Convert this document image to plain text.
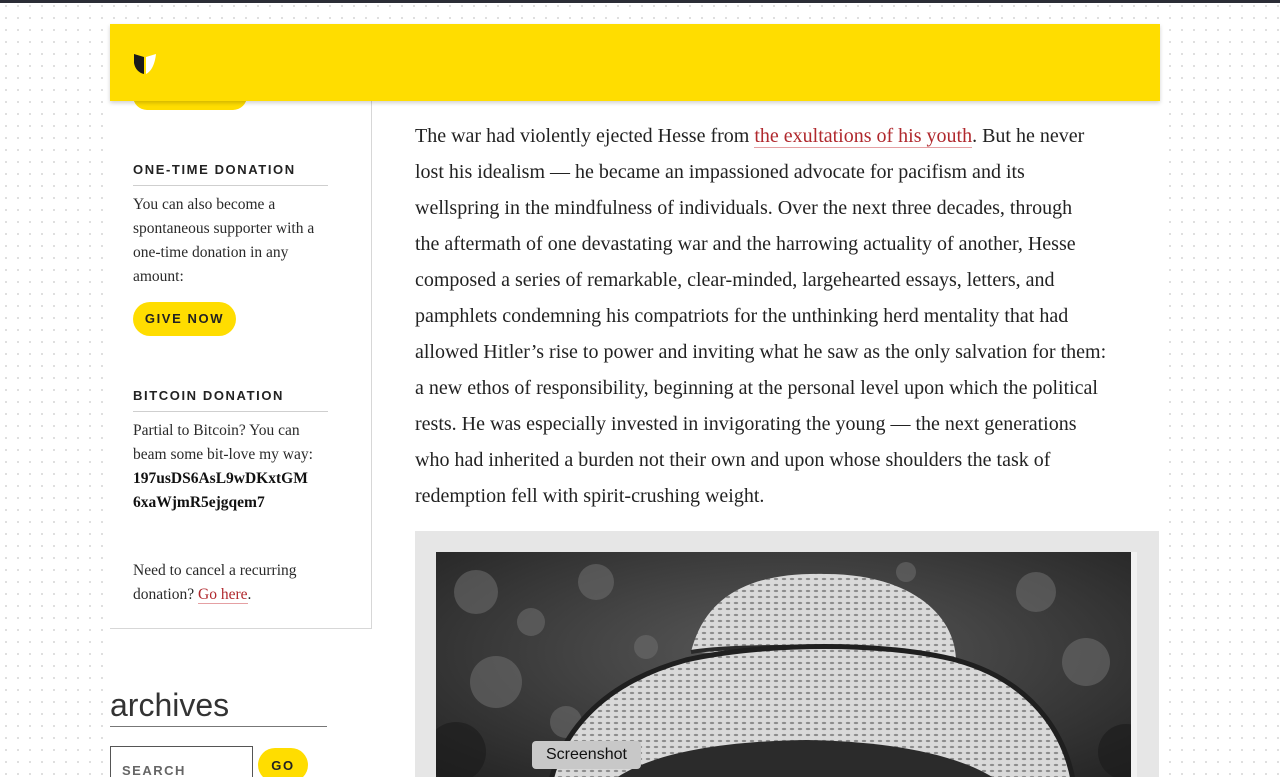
ONE-TIME DONATION
You can also become a spontaneous supporter with a one-time donation in any amount:
GIVE NOW
BITCOIN DONATION
Partial to Bitcoin? You can beam some bit-love my way:
197usDS6AsL9wDKxtGM
6xaWjmR5ejgqem7
Need to cancel a recurring donation? Go here.
archives
SEARCH
GO

The war had violently ejected Hesse from the exultations of his youth. But he never
lost his idealism — he became an impassioned advocate for pacifism and its
wellspring in the mindfulness of individuals. Over the next three decades, through
the aftermath of one devastating war and the harrowing actuality of another, Hesse
composed a series of remarkable, clear-minded, largehearted essays, letters, and
pamphlets condemning his compatriots for the unthinking herd mentality that had
allowed Hitler’s rise to power and inviting what he saw as the only salvation for them:
a new ethos of responsibility, beginning at the personal level upon which the political
rests. He was especially invested in invigorating the young — the next generations
who had inherited a burden not their own and upon whose shoulders the task of
redemption fell with spirit-crushing weight.

Screenshot
